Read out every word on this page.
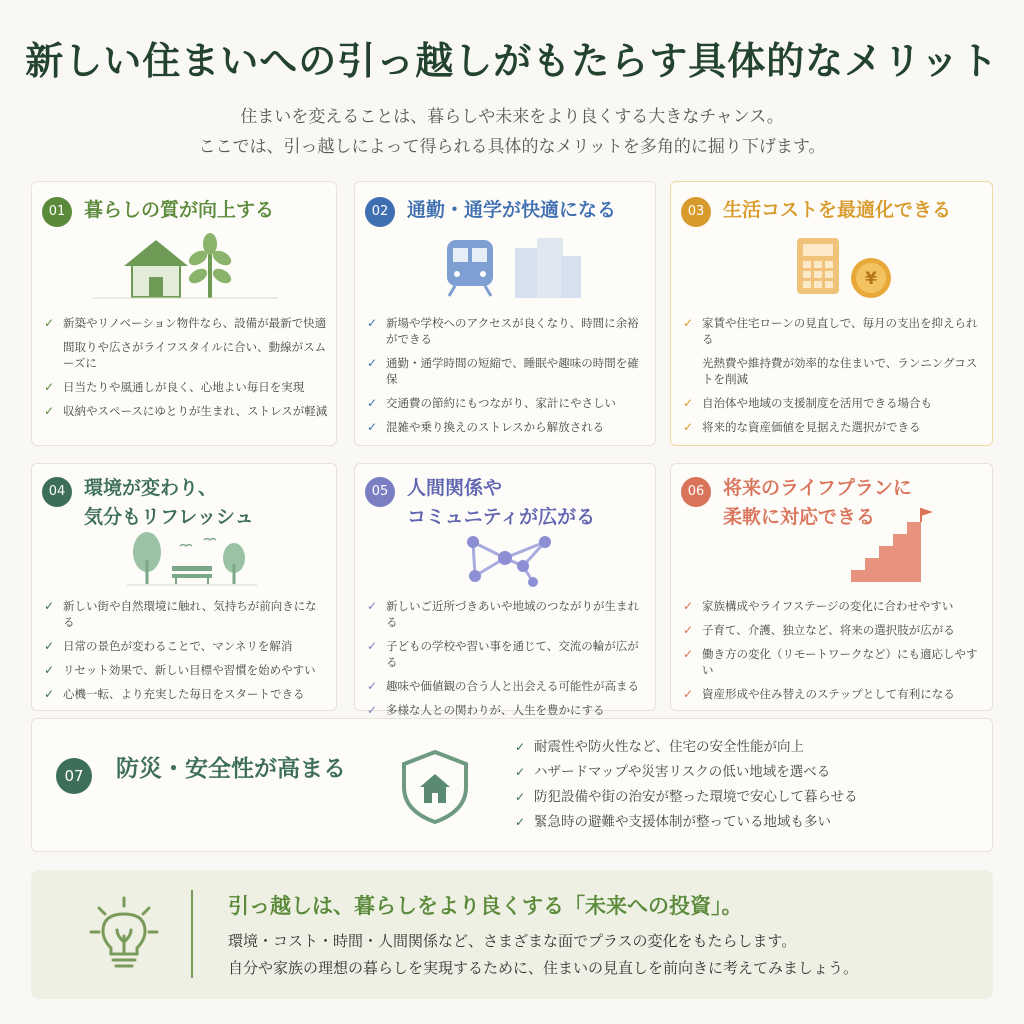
新しい住まいへの引っ越しがもたらす具体的なメリット
住まいを変えることは、暮らしや未来をより良くする大きなチャンス。
ここでは、引っ越しによって得られる具体的なメリットを多角的に掘り下げます。
01 暮らしの質が向上する
✓ 新築やリノベーション物件なら、設備が最新で快適
間取りや広さがライフスタイルに合い、動線がスムーズに
✓ 日当たりや風通しが良く、心地よい毎日を実現
✓ 収納やスペースにゆとりが生まれ、ストレスが軽減
02 通勤・通学が快適になる
✓ 新場や学校へのアクセスが良くなり、時間に余裕ができる
✓ 通勤・通学時間の短縮で、睡眠や趣味の時間を確保
✓ 交通費の節約にもつながり、家計にやさしい
✓ 混雑や乗り換えのストレスから解放される
03 生活コストを最適化できる
¥
✓ 家賃や住宅ローンの見直しで、毎月の支出を抑えられる
光熱費や維持費が効率的な住まいで、ランニングコストを削減
✓ 自治体や地域の支援制度を活用できる場合も
✓ 将来的な資産価値を見据えた選択ができる
04 環境が変わり、
気分もリフレッシュ
✓ 新しい街や自然環境に触れ、気持ちが前向きになる
✓ 日常の景色が変わることで、マンネリを解消
✓ リセット効果で、新しい目標や習慣を始めやすい
✓ 心機一転、より充実した毎日をスタートできる
05 人間関係や
コミュニティが広がる
✓ 新しいご近所づきあいや地域のつながりが生まれる
✓ 子どもの学校や習い事を通じて、交流の輪が広がる
✓ 趣味や価値観の合う人と出会える可能性が高まる
✓ 多様な人との関わりが、人生を豊かにする
06 将来のライフプランに
柔軟に対応できる
✓ 家族構成やライフステージの変化に合わせやすい
✓ 子育て、介護、独立など、将来の選択肢が広がる
✓ 働き方の変化（リモートワークなど）にも適応しやすい
✓ 資産形成や住み替えのステップとして有利になる
07	防災・安全性が高まる
✓ 耐震性や防火性など、住宅の安全性能が向上
✓ ハザードマップや災害リスクの低い地域を選べる
✓ 防犯設備や街の治安が整った環境で安心して暮らせる
✓ 緊急時の避難や支援体制が整っている地域も多い
引っ越しは、暮らしをより良くする「未来への投資」。
環境・コスト・時間・人間関係など、さまざまな面でプラスの変化をもたらします。
自分や家族の理想の暮らしを実現するために、住まいの見直しを前向きに考えてみましょう。
